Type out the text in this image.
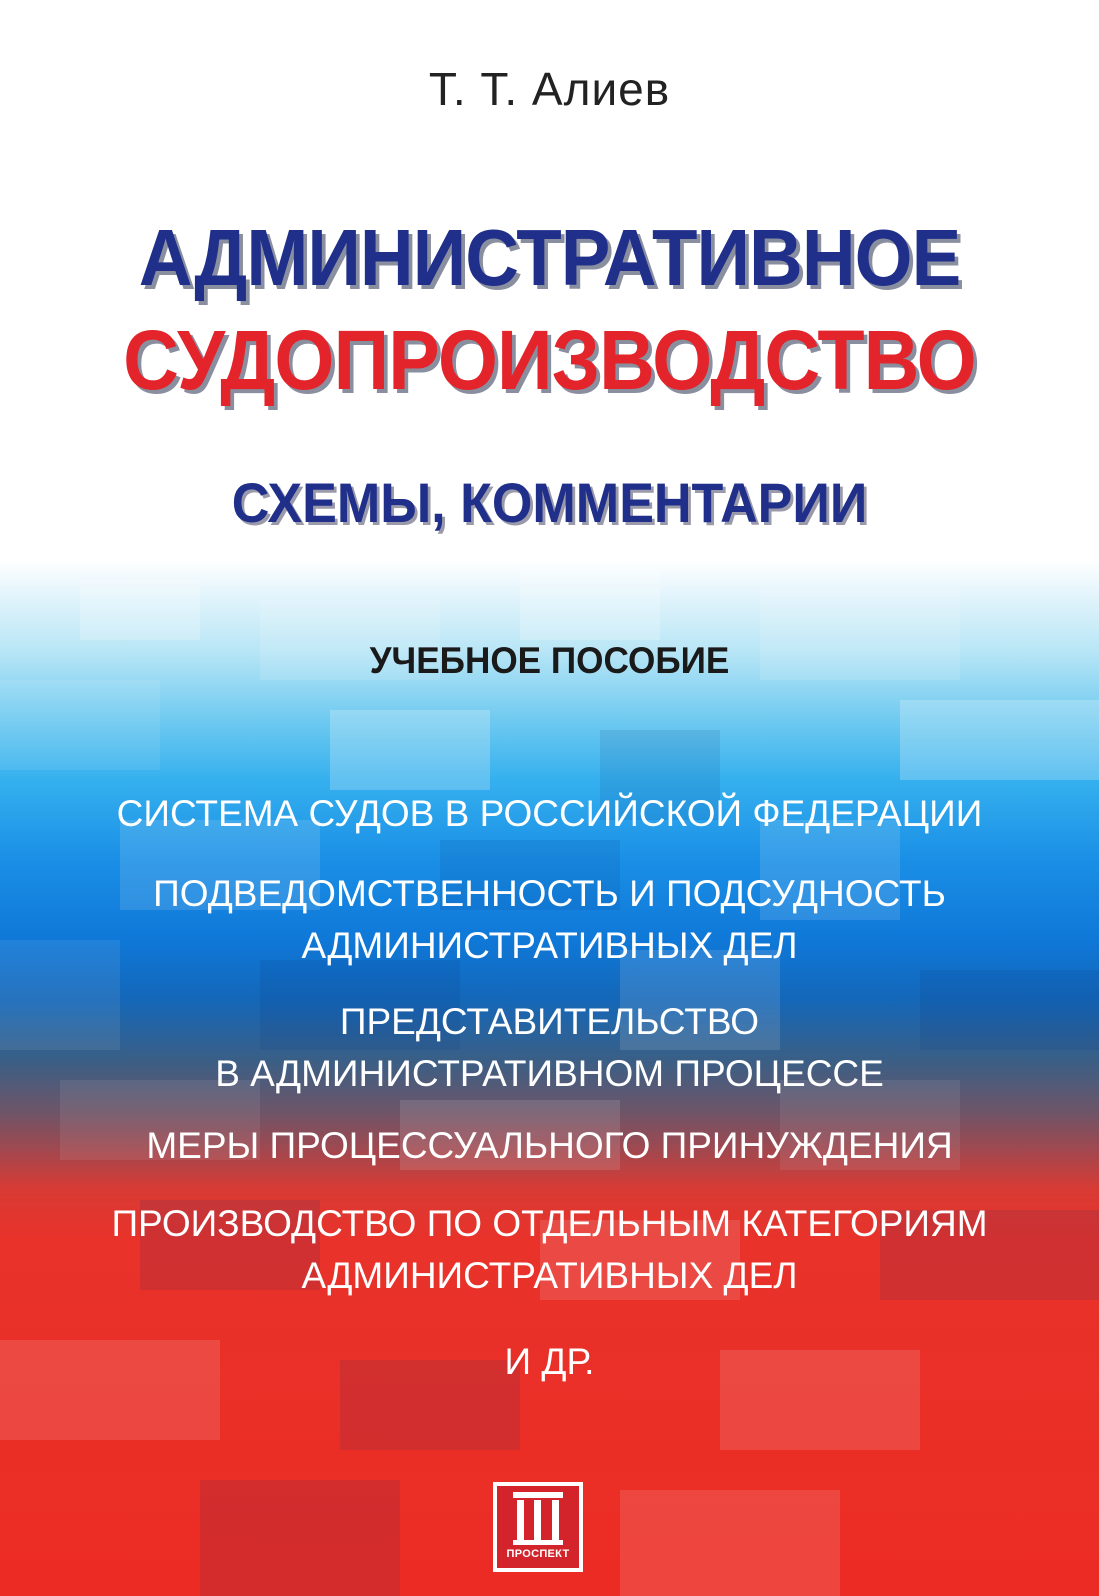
Т. Т. Алиев
АДМИНИСТРАТИВНОЕ
СУДОПРОИЗВОДСТВО
СХЕМЫ, КОММЕНТАРИИ
УЧЕБНОЕ ПОСОБИЕ
СИСТЕМА СУДОВ В РОССИЙСКОЙ ФЕДЕРАЦИИ
ПОДВЕДОМСТВЕННОСТЬ И ПОДСУДНОСТЬ
АДМИНИСТРАТИВНЫХ ДЕЛ
ПРЕДСТАВИТЕЛЬСТВО
В АДМИНИСТРАТИВНОМ ПРОЦЕССЕ
МЕРЫ ПРОЦЕССУАЛЬНОГО ПРИНУЖДЕНИЯ
ПРОИЗВОДСТВО ПО ОТДЕЛЬНЫМ КАТЕГОРИЯМ
АДМИНИСТРАТИВНЫХ ДЕЛ
И ДР.
ПРОСПЕКТ
